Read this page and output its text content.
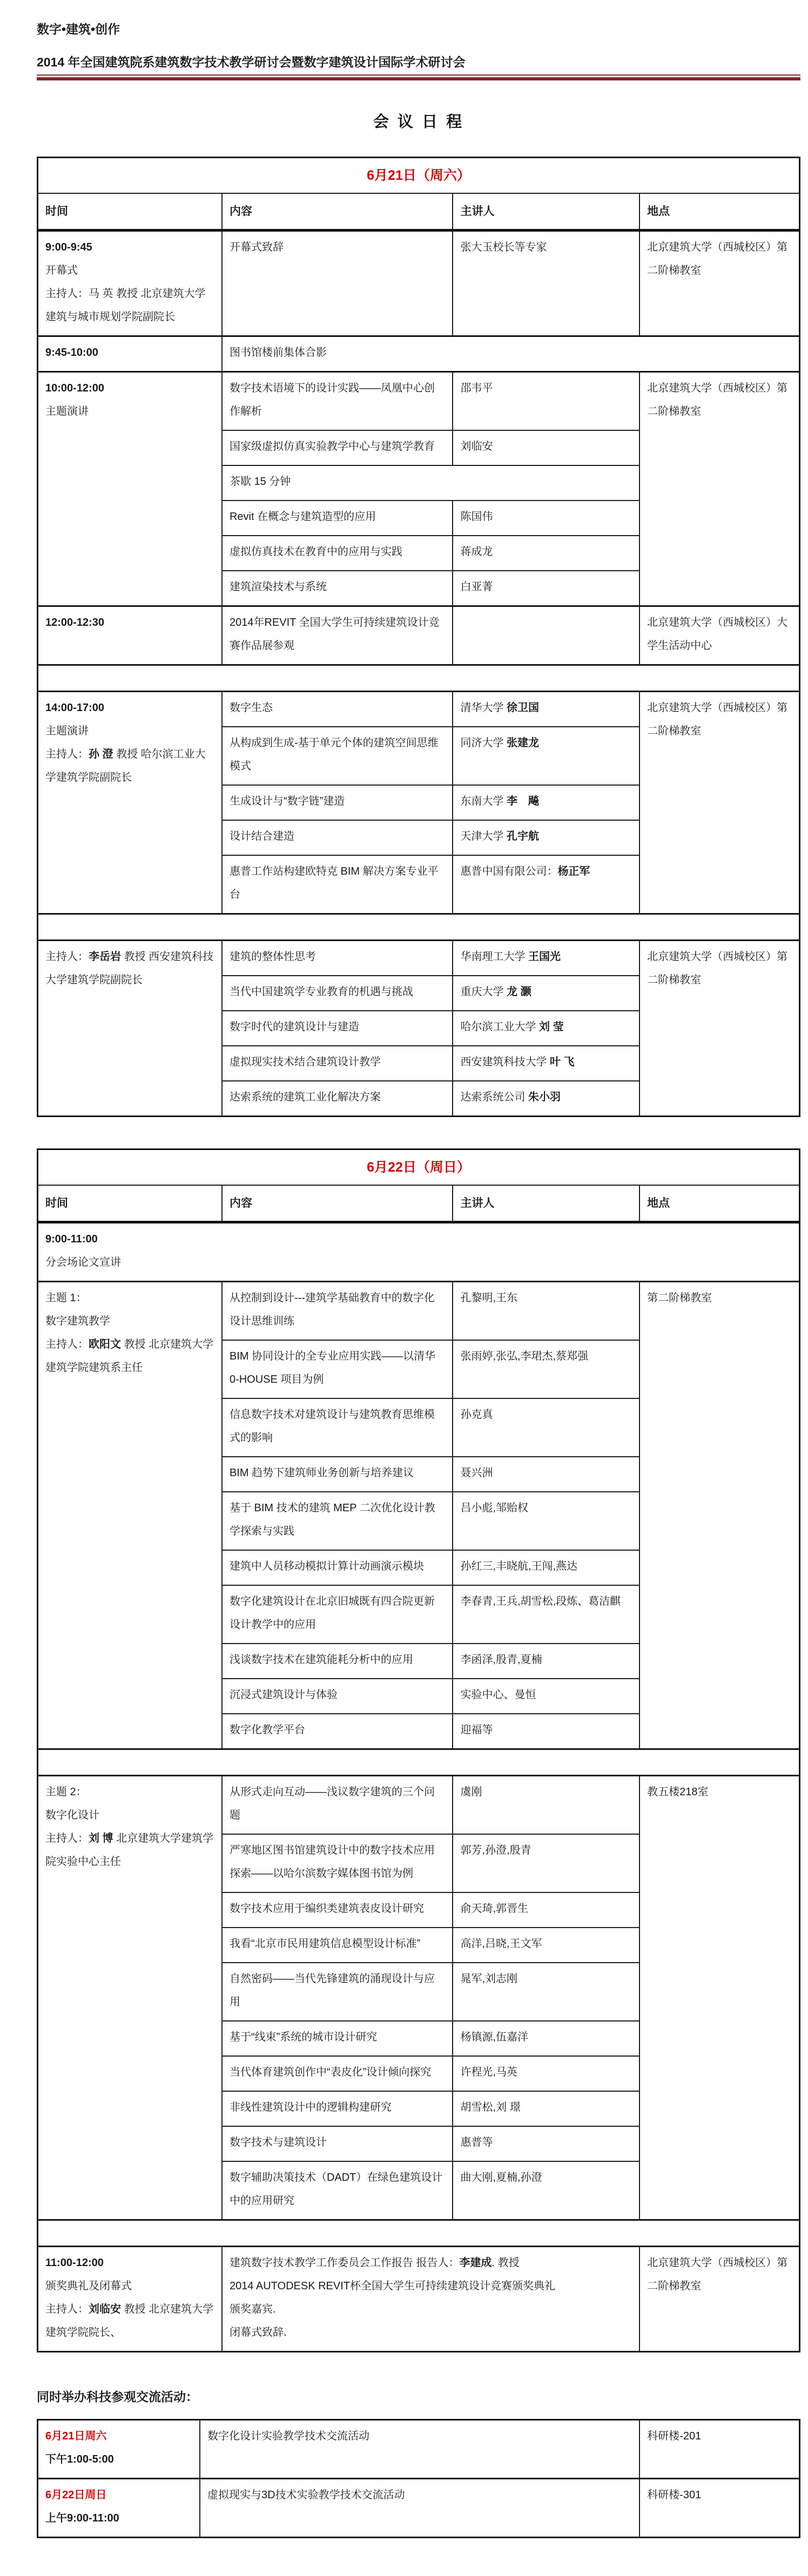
数字•建筑•创作

2014 年全国建筑院系建筑数字技术教学研讨会暨数字建筑设计国际学术研讨会

会 议 日 程
6月21日（周六）			
时间	内容	主讲人	地点

9:00-9:45
开幕式
主持人：马 英 教授 北京建筑大学建筑与城市规划学院副院长	开幕式致辞	张大玉校长等专家	北京建筑大学（西城校区）第二阶梯教室

9:45-10:00	图书馆楼前集体合影		

10:00-12:00
主题演讲	数字技术语境下的设计实践——凤凰中心创作解析	邵韦平	北京建筑大学（西城校区）第二阶梯教室

	国家级虚拟仿真实验教学中心与建筑学教育	刘临安	

	茶歇 15 分钟		

	Revit 在概念与建筑造型的应用	陈国伟	

	虚拟仿真技术在教育中的应用与实践	蒋成龙	

	建筑渲染技术与系统	白亚菁	

12:00-12:30	2014年REVIT 全国大学生可持续建筑设计竞赛作品展参观		北京建筑大学（西城校区）大学生活动中心

14:00-17:00
主题演讲
主持人：孙 澄 教授 哈尔滨工业大学建筑学院副院长	数字生态	清华大学 徐卫国	北京建筑大学（西城校区）第二阶梯教室

	从构成到生成-基于单元个体的建筑空间思维模式	同济大学 张建龙	

	生成设计与“数字链”建造	东南大学 李　飚	

	设计结合建造	天津大学 孔宇航	

	惠普工作站构建欧特克 BIM 解决方案专业平台	惠普中国有限公司：杨正军	

主持人：李岳岩 教授 西安建筑科技大学建筑学院副院长	建筑的整体性思考	华南理工大学 王国光	北京建筑大学（西城校区）第二阶梯教室

	当代中国建筑学专业教育的机遇与挑战	重庆大学 龙 灏	

	数字时代的建筑设计与建造	哈尔滨工业大学 刘 莹	

	虚拟现实技术结合建筑设计教学	西安建筑科技大学 叶 飞	

	达索系统的建筑工业化解决方案	达索系统公司 朱小羽	
6月22日（周日）			
时间	内容	主讲人	地点

9:00-11:00
分会场论文宣讲			

主题 1：
数字建筑教学
主持人：欧阳文 教授 北京建筑大学建筑学院建筑系主任	从控制到设计---建筑学基础教育中的数字化设计思维训练	孔黎明,王东	第二阶梯教室

	BIM 协同设计的全专业应用实践——以清华 0-HOUSE 项目为例	张雨婷,张弘,李珺杰,蔡郑强	

	信息数字技术对建筑设计与建筑教育思维模式的影响	孙克真	

	BIM 趋势下建筑师业务创新与培养建议	聂兴洲	

	基于 BIM 技术的建筑 MEP 二次优化设计教学探索与实践	吕小彪,邹贻权	

	建筑中人员移动模拟计算计动画演示模块	孙红三,丰晓航,王闯,燕达	

	数字化建筑设计在北京旧城既有四合院更新设计教学中的应用	李春青,王兵,胡雪松,段炼、葛洁麒	

	浅谈数字技术在建筑能耗分析中的应用	李函泽,殷青,夏楠	

	沉浸式建筑设计与体验	实验中心、曼恒	

	数字化教学平台	迎福等	

主题 2：
数字化设计
主持人：刘 博 北京建筑大学建筑学院实验中心主任	从形式走向互动——浅议数字建筑的三个问题	虞刚	教五楼218室

	严寒地区图书馆建筑设计中的数字技术应用探索——以哈尔滨数字媒体图书馆为例	郭芳,孙澄,殷青	

	数字技术应用于编织类建筑表皮设计研究	俞天琦,郭晋生	

	我看“北京市民用建筑信息模型设计标准”	高洋,吕晓,王文军	

	自然密码——当代先锋建筑的涌现设计与应用	晁军,刘志刚	

	基于“线束”系统的城市设计研究	杨镇源,伍嘉洋	

	当代体育建筑创作中“表皮化”设计倾向探究	许程光,马英	

	非线性建筑设计中的逻辑构建研究	胡雪松,刘 璟	

	数字技术与建筑设计	惠普等	

	数字辅助决策技术（DADT）在绿色建筑设计中的应用研究	曲大刚,夏楠,孙澄	

11:00-12:00
颁奖典礼及闭幕式
主持人：刘临安 教授 北京建筑大学建筑学院院长、

建筑数字技术教学工作委员会工作报告 报告人：李建成. 教授
2014 AUTODESK REVIT杯全国大学生可持续建筑设计竞赛颁奖典礼
颁奖嘉宾.
闭幕式致辞.
	北京建筑大学（西城校区）第二阶梯教室

同时举办科技参观交流活动：

6月21日周六
下午1:00-5:00	数字化设计实验教学技术交流活动	科研楼-201

6月22日周日
上午9:00-11:00	虚拟现实与3D技术实验教学技术交流活动	科研楼-301
